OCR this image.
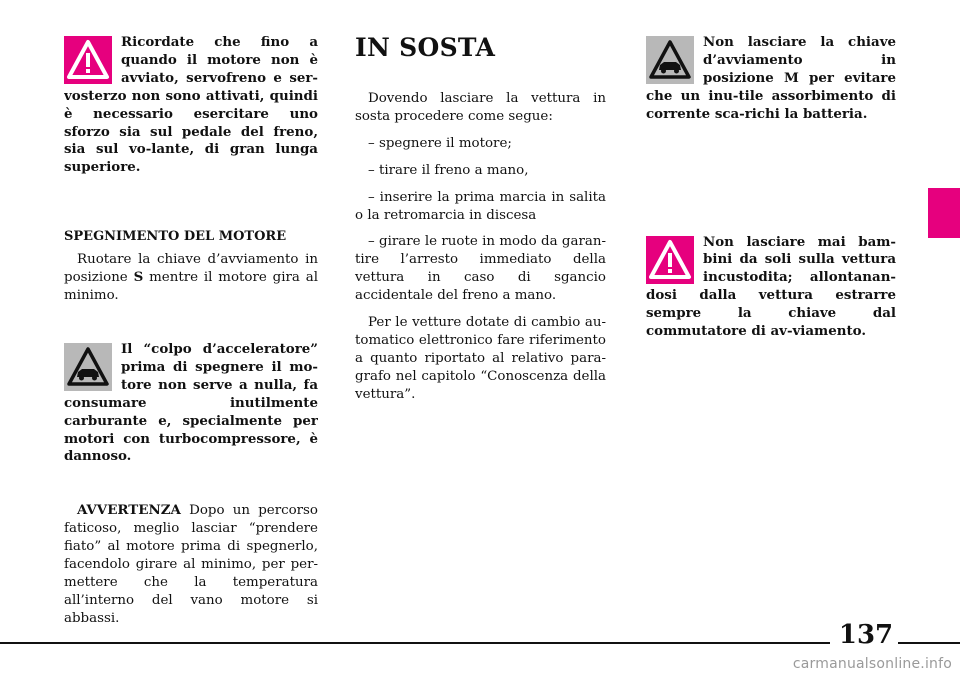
Ricordate che fino a quando il motore non è avviato, servofreno e ser-vosterzo non sono attivati, quindi è necessario esercitare uno sforzo sia sul pedale del freno, sia sul vo-lante, di gran lunga superiore.

SPEGNIMENTO DEL MOTORE

Ruotare la chiave d’avviamento in posizione S mentre il motore gira al minimo.

Il “colpo d’acceleratore” prima di spegnere il mo-tore non serve a nulla, fa consumare inutilmente carburante e, specialmente per motori con turbocompressore, è dannoso.

AVVERTENZA Dopo un percorso faticoso, meglio lasciar “prendere fiato” al motore prima di spegnerlo, facendolo girare al minimo, per per-mettere che la temperatura all’interno del vano motore si abbassi.

IN SOSTA

Dovendo lasciare la vettura in sosta procedere come segue:

– spegnere il motore;

– tirare il freno a mano,

– inserire la prima marcia in salita o la retromarcia in discesa

– girare le ruote in modo da garan-tire l’arresto immediato della vettura in caso di sgancio accidentale del freno a mano.

Per le vetture dotate di cambio au-tomatico elettronico fare riferimento a quanto riportato al relativo para-grafo nel capitolo “Conoscenza della vettura”.

Non lasciare la chiave d’avviamento in posizione M per evitare che un inu-tile assorbimento di corrente sca-richi la batteria.

Non lasciare mai bam-bini da soli sulla vettura incustodita; allontanan-dosi dalla vettura estrarre sempre la chiave dal commutatore di av-viamento.

137
carmanualsonline.info
